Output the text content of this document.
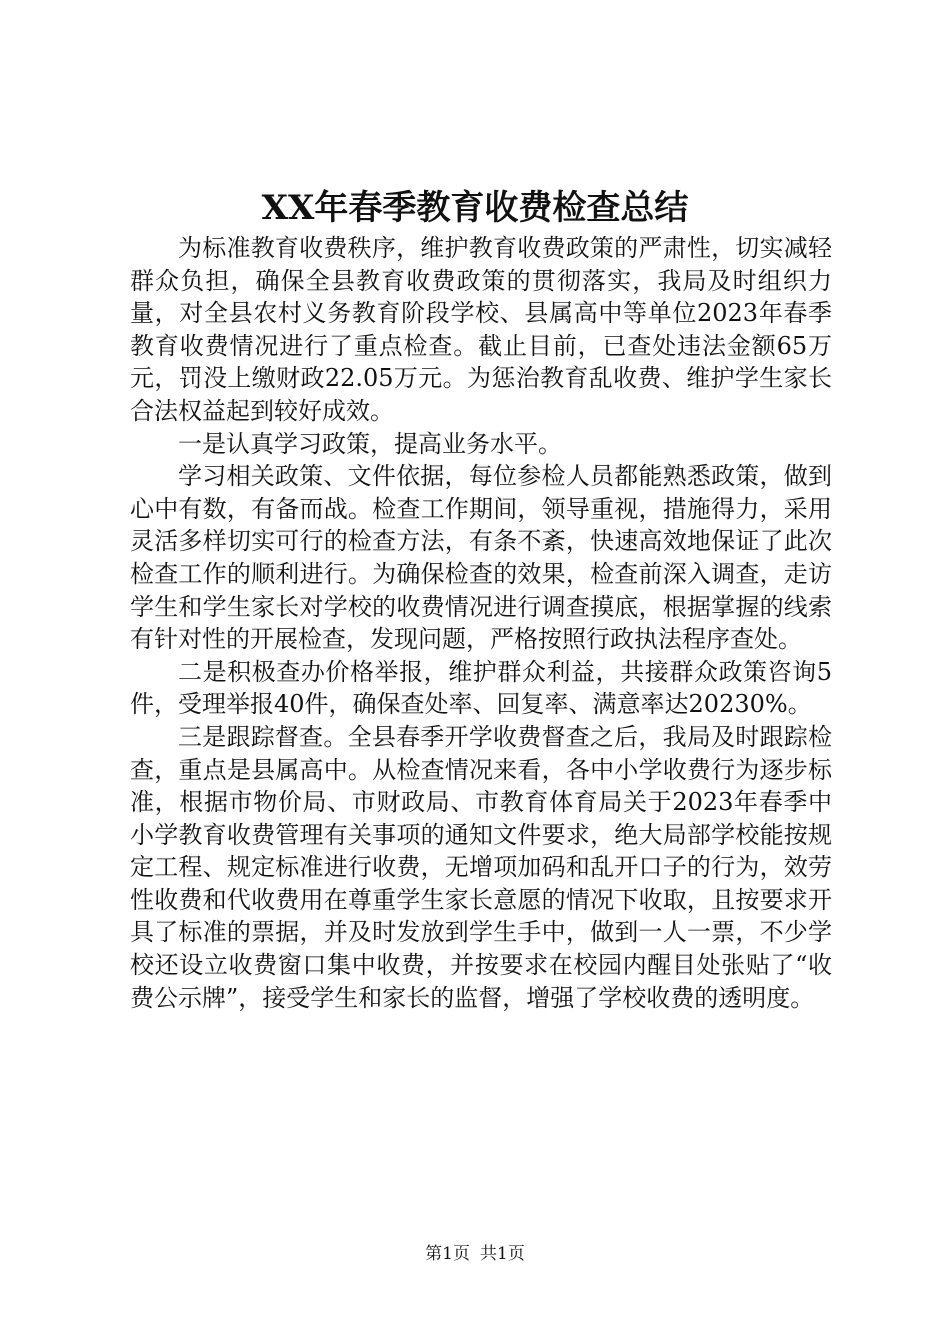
XX年春季教育收费检查总结

为标准教育收费秩序，维护教育收费政策的严肃性，切实减轻群众负担，确保全县教育收费政策的贯彻落实，我局及时组织力量，对全县农村义务教育阶段学校、县属高中等单位2023年春季教育收费情况进行了重点检查。截止目前，已查处违法金额65万元，罚没上缴财政22.05万元。为惩治教育乱收费、维护学生家长合法权益起到较好成效。

一是认真学习政策，提高业务水平。

学习相关政策、文件依据，每位参检人员都能熟悉政策，做到心中有数，有备而战。检查工作期间，领导重视，措施得力，采用灵活多样切实可行的检查方法，有条不紊，快速高效地保证了此次检查工作的顺利进行。为确保检查的效果，检查前深入调查，走访学生和学生家长对学校的收费情况进行调查摸底，根据掌握的线索有针对性的开展检查，发现问题，严格按照行政执法程序查处。

二是积极查办价格举报，维护群众利益，共接群众政策咨询5件，受理举报40件，确保查处率、回复率、满意率达20230%。

三是跟踪督查。全县春季开学收费督查之后，我局及时跟踪检查，重点是县属高中。从检查情况来看，各中小学收费行为逐步标准，根据市物价局、市财政局、市教育体育局关于2023年春季中小学教育收费管理有关事项的通知文件要求，绝大局部学校能按规定工程、规定标准进行收费，无增项加码和乱开口子的行为，效劳性收费和代收费用在尊重学生家长意愿的情况下收取，且按要求开具了标准的票据，并及时发放到学生手中，做到一人一票，不少学校还设立收费窗口集中收费，并按要求在校园内醒目处张贴了“收费公示牌”，接受学生和家长的监督，增强了学校收费的透明度。

第1页 共1页
